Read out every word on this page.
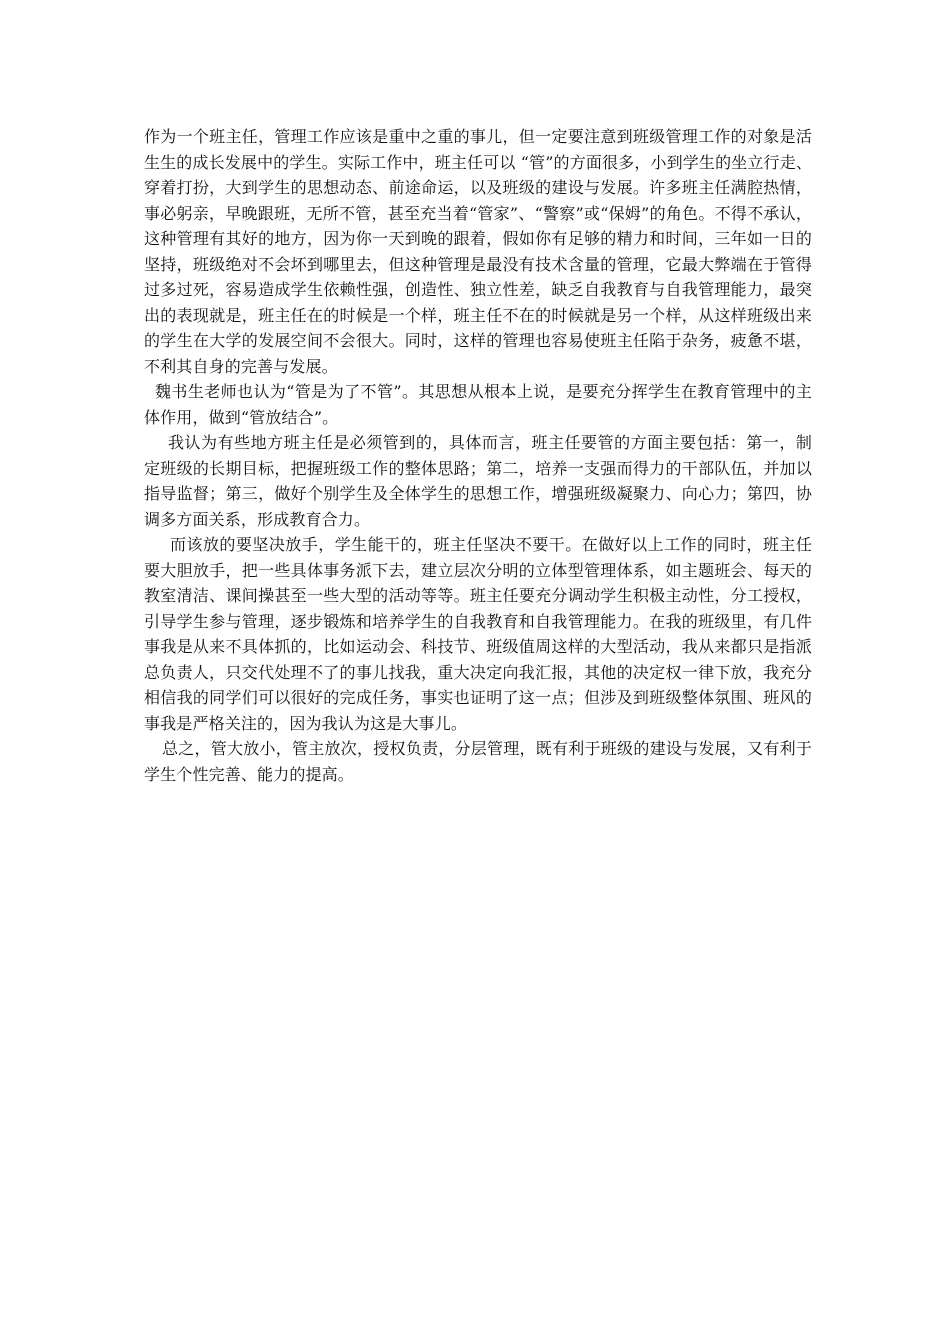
作为一个班主任，管理工作应该是重中之重的事儿，但一定要注意到班级管理工作的对象是活生生的成长发展中的学生。实际工作中，班主任可以 “管”的方面很多，小到学生的坐立行走、穿着打扮，大到学生的思想动态、前途命运，以及班级的建设与发展。许多班主任满腔热情，事必躬亲，早晚跟班，无所不管，甚至充当着“管家”、“警察”或“保姆”的角色。不得不承认，这种管理有其好的地方，因为你一天到晚的跟着，假如你有足够的精力和时间，三年如一日的坚持，班级绝对不会坏到哪里去，但这种管理是最没有技术含量的管理，它最大弊端在于管得过多过死，容易造成学生依赖性强，创造性、独立性差，缺乏自我教育与自我管理能力，最突出的表现就是，班主任在的时候是一个样，班主任不在的时候就是另一个样，从这样班级出来的学生在大学的发展空间不会很大。同时，这样的管理也容易使班主任陷于杂务，疲惫不堪，不利其自身的完善与发展。

魏书生老师也认为“管是为了不管”。其思想从根本上说，是要充分挥学生在教育管理中的主体作用，做到“管放结合”。

我认为有些地方班主任是必须管到的，具体而言，班主任要管的方面主要包括：第一，制定班级的长期目标，把握班级工作的整体思路；第二，培养一支强而得力的干部队伍，并加以指导监督；第三，做好个别学生及全体学生的思想工作，增强班级凝聚力、向心力；第四，协调多方面关系，形成教育合力。

而该放的要坚决放手，学生能干的，班主任坚决不要干。在做好以上工作的同时，班主任要大胆放手，把一些具体事务派下去，建立层次分明的立体型管理体系，如主题班会、每天的教室清洁、课间操甚至一些大型的活动等等。班主任要充分调动学生积极主动性，分工授权，引导学生参与管理，逐步锻炼和培养学生的自我教育和自我管理能力。在我的班级里，有几件事我是从来不具体抓的，比如运动会、科技节、班级值周这样的大型活动，我从来都只是指派总负责人，只交代处理不了的事儿找我，重大决定向我汇报，其他的决定权一律下放，我充分相信我的同学们可以很好的完成任务，事实也证明了这一点；但涉及到班级整体氛围、班风的事我是严格关注的，因为我认为这是大事儿。

总之，管大放小，管主放次，授权负责，分层管理，既有利于班级的建设与发展，又有利于学生个性完善、能力的提高。
